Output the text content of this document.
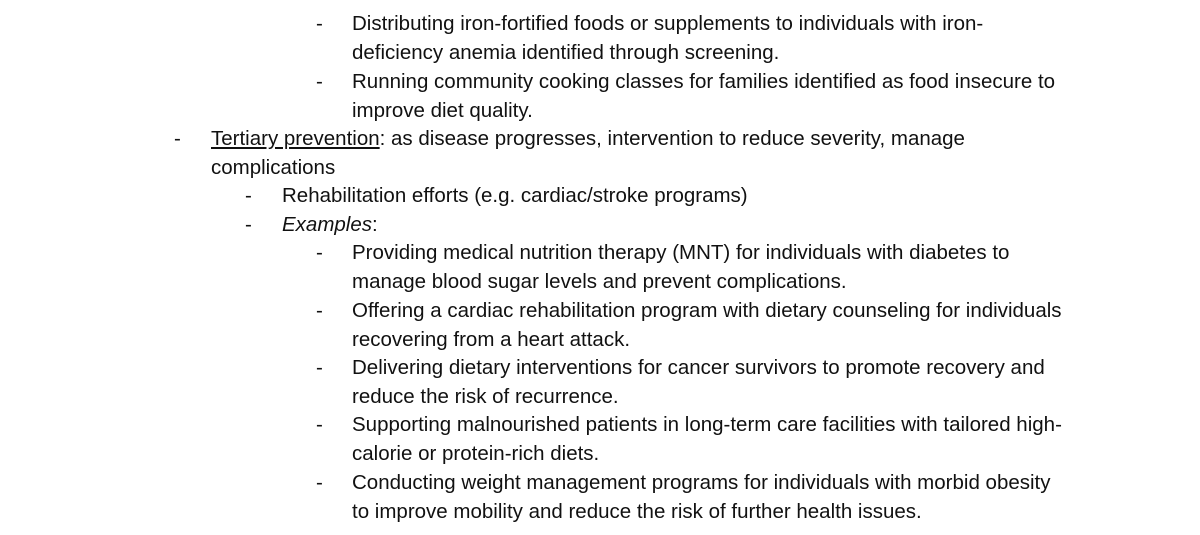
- Distributing iron-fortified foods or supplements to individuals with iron-deficiency anemia identified through screening.
- Running community cooking classes for families identified as food insecure to improve diet quality.
- Tertiary prevention: as disease progresses, intervention to reduce severity, manage complications
- Rehabilitation efforts (e.g. cardiac/stroke programs)
- Examples:
- Providing medical nutrition therapy (MNT) for individuals with diabetes to manage blood sugar levels and prevent complications.
- Offering a cardiac rehabilitation program with dietary counseling for individuals recovering from a heart attack.
- Delivering dietary interventions for cancer survivors to promote recovery and reduce the risk of recurrence.
- Supporting malnourished patients in long-term care facilities with tailored high-calorie or protein-rich diets.
- Conducting weight management programs for individuals with morbid obesity to improve mobility and reduce the risk of further health issues.
